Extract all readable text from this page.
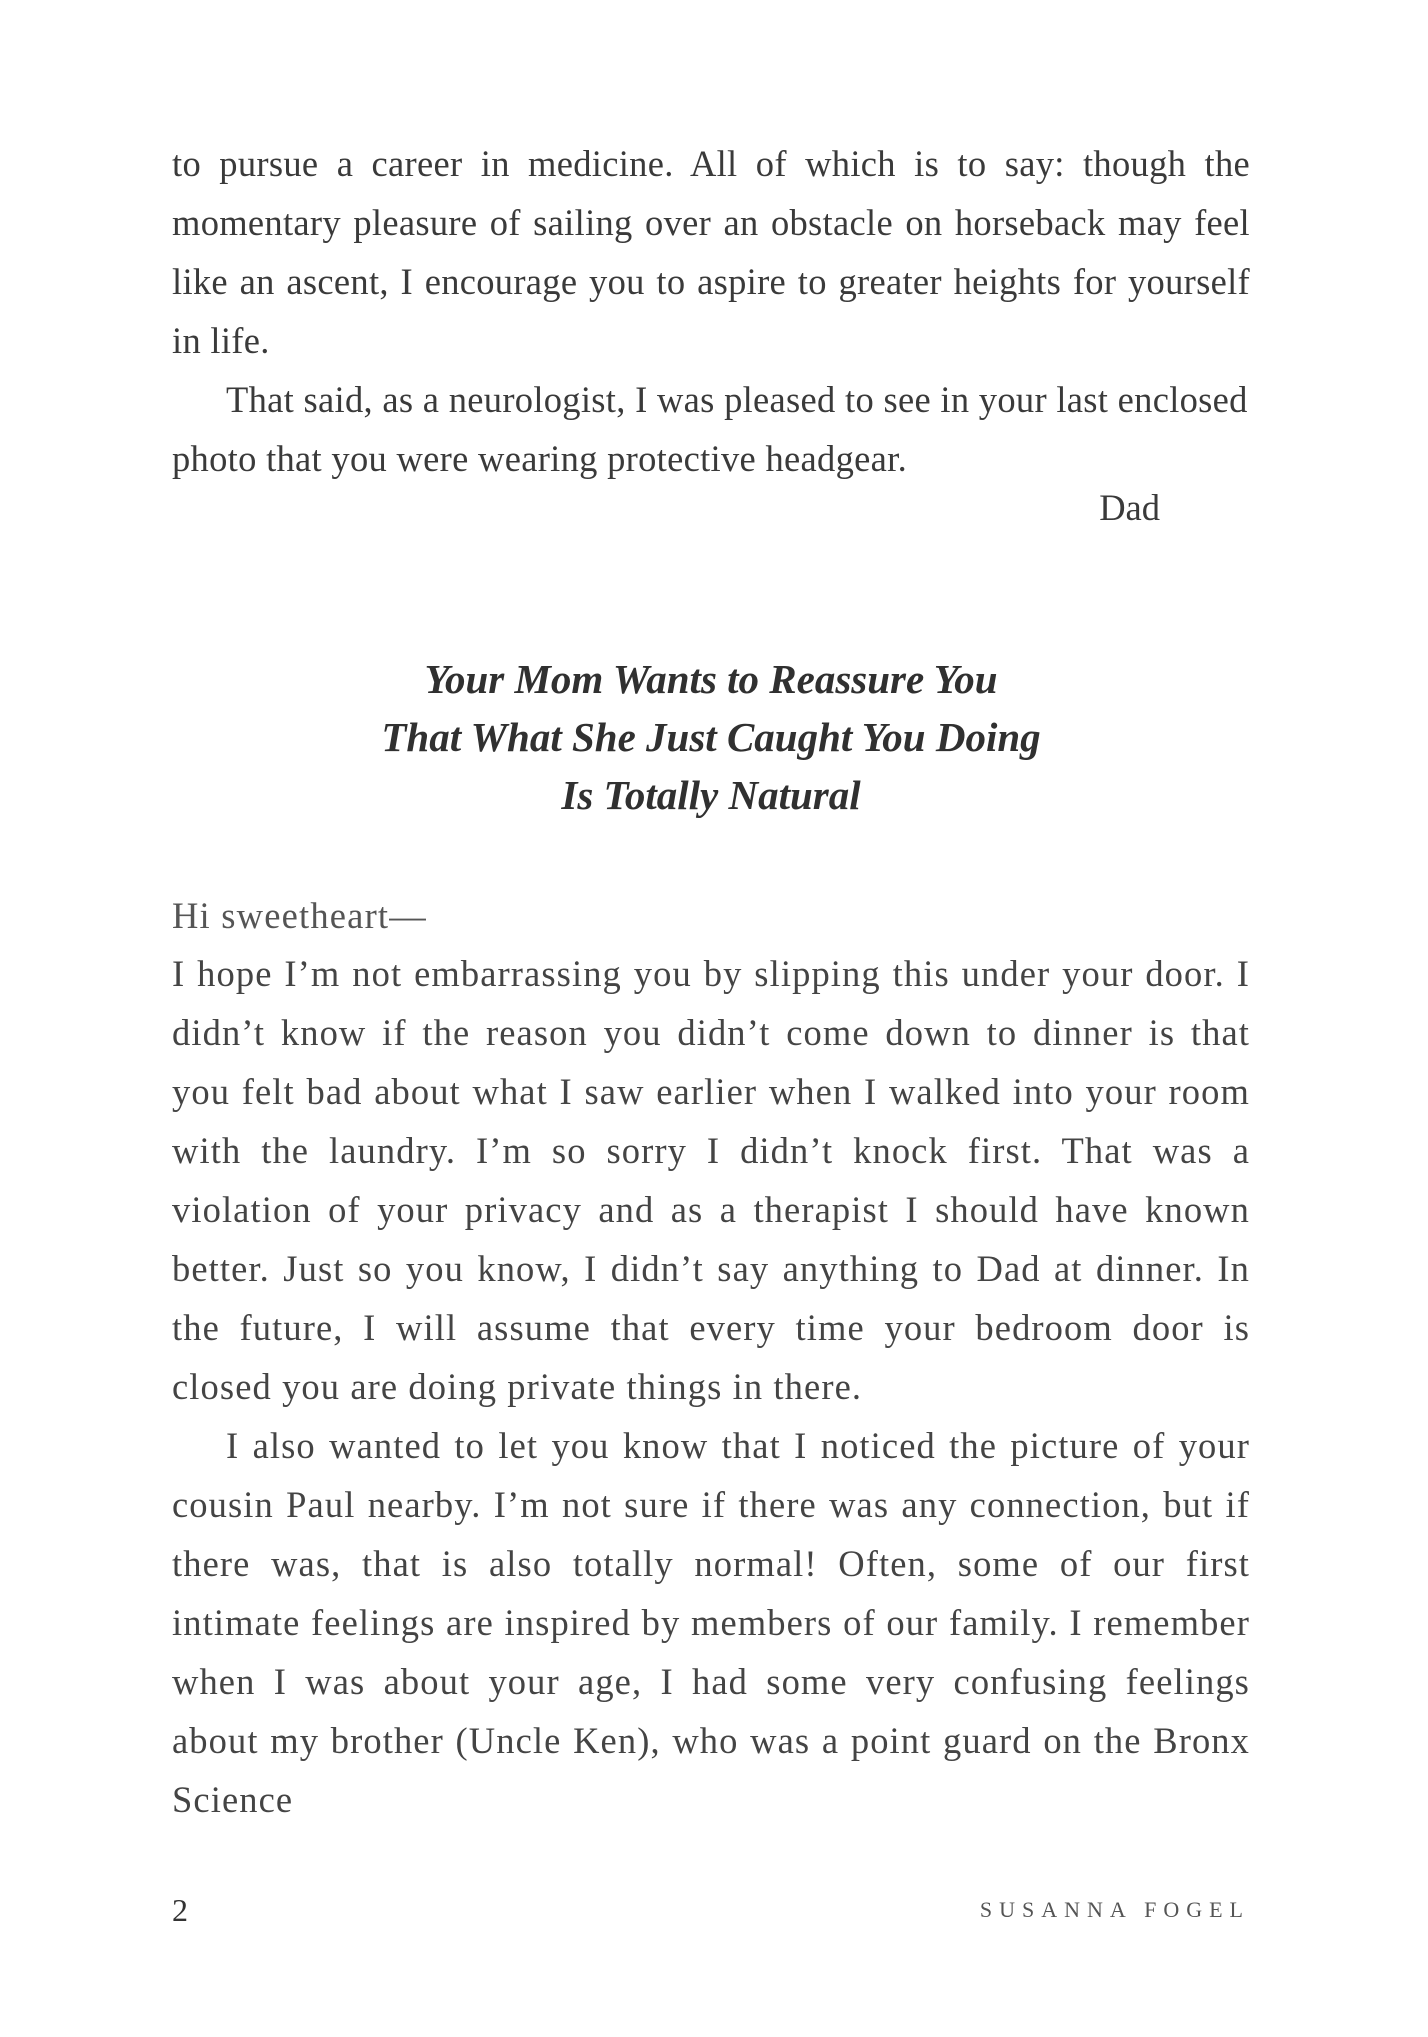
to pursue a career in medicine. All of which is to say: though the momentary pleasure of sailing over an obstacle on horseback may feel like an ascent, I encourage you to aspire to greater heights for yourself in life.

That said, as a neurologist, I was pleased to see in your last enclosed photo that you were wearing protective headgear.

Dad
Your Mom Wants to Reassure You
That What She Just Caught You Doing
Is Totally Natural
Hi sweetheart—

I hope I’m not embarrassing you by slipping this under your door. I didn’t know if the reason you didn’t come down to dinner is that you felt bad about what I saw earlier when I walked into your room with the laundry. I’m so sorry I didn’t knock first. That was a violation of your privacy and as a therapist I should have known better. Just so you know, I didn’t say anything to Dad at dinner. In the future, I will assume that every time your bedroom door is closed you are doing private things in there.

I also wanted to let you know that I noticed the picture of your cousin Paul nearby. I’m not sure if there was any connection, but if there was, that is also totally normal! Often, some of our first intimate feelings are inspired by members of our family. I remember when I was about your age, I had some very confusing feelings about my brother (Uncle Ken), who was a point guard on the Bronx Science

2	SUSANNA FOGEL
